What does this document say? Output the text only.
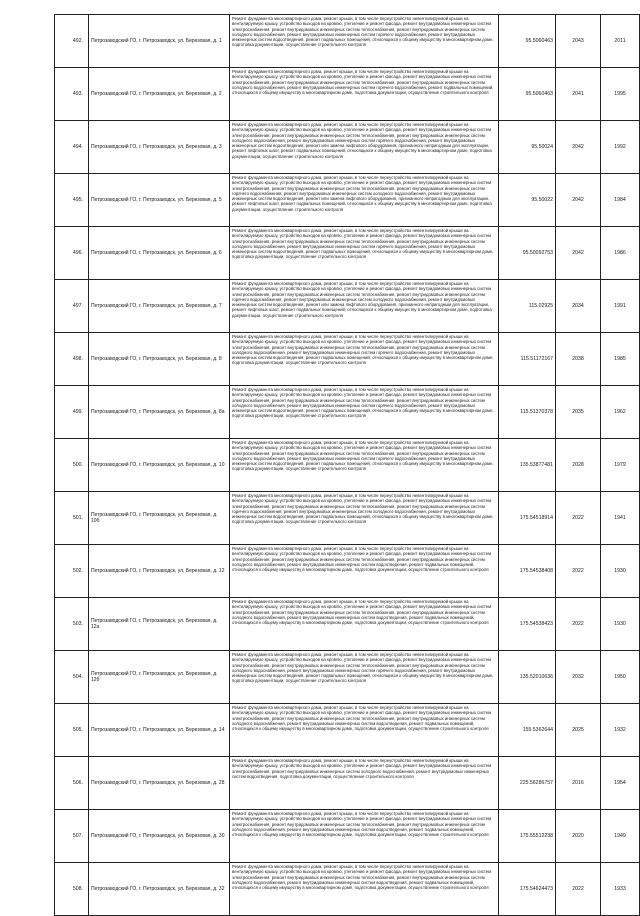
492.	Петрозаводский ГО, г. Петрозаводск, ул. Березовая, д. 1	Ремонт фундамента многоквартирного дома, ремонт крыши, в том числе переустройство невентилируемой крыши на вентилируемую крышу, устройство выходов на кровлю, утепление и ремонт фасада, ремонт внутридомовых инженерных систем электроснабжения, ремонт внутридомовых инженерных систем теплоснабжения, ремонт внутридомовых инженерных систем холодного водоснабжения, ремонт внутридомовых инженерных систем горячего водоснабжения, ремонт внутридомовых инженерных систем водоотведения, ремонт подвальных помещений, относящихся к общему имуществу в многоквартирном доме, подготовка документации, осуществление строительного контроля	95.5060463	2043	2011
493.	Петрозаводский ГО, г. Петрозаводск, ул. Березовая, д. 2	Ремонт фундамента многоквартирного дома, ремонт крыши, в том числе переустройство невентилируемой крыши на вентилируемую крышу, устройство выходов на кровлю, утепление и ремонт фасада, ремонт внутридомовых инженерных систем электроснабжения, ремонт внутридомовых инженерных систем теплоснабжения, ремонт внутридомовых инженерных систем холодного водоснабжения, ремонт внутридомовых инженерных систем горячего водоснабжения, ремонт подвальных помещений, относящихся к общему имуществу в многоквартирном доме, подготовка документации, осуществление строительного контроля	95.5060463	2041	1995
494.	Петрозаводский ГО, г. Петрозаводск, ул. Березовая, д. 3	Ремонт фундамента многоквартирного дома, ремонт крыши, в том числе переустройство невентилируемой крыши на вентилируемую крышу, устройство выходов на кровлю, утепление и ремонт фасада, ремонт внутридомовых инженерных систем электроснабжения, ремонт внутридомовых инженерных систем теплоснабжения, ремонт внутридомовых инженерных систем холодного водоснабжения, ремонт внутридомовых инженерных систем горячего водоснабжения, ремонт внутридомовых инженерных систем водоотведения, ремонт или замена лифтового оборудования, признанного непригодным для эксплуатации, ремонт лифтовых шахт, ремонт подвальных помещений, относящихся к общему имуществу в многоквартирном доме, подготовка документации, осуществление строительного контроля	95.50024	2042	1992
495.	Петрозаводский ГО, г. Петрозаводск, ул. Березовая, д. 5	Ремонт фундамента многоквартирного дома, ремонт крыши, в том числе переустройство невентилируемой крыши на вентилируемую крышу, устройство выходов на кровлю, утепление и ремонт фасада, ремонт внутридомовых инженерных систем электроснабжения, ремонт внутридомовых инженерных систем теплоснабжения, ремонт внутридомовых инженерных систем горячего водоснабжения, ремонт внутридомовых инженерных систем холодного водоснабжения, ремонт внутридомовых инженерных систем водоотведения, ремонт или замена лифтового оборудования, признанного непригодным для эксплуатации, ремонт лифтовых шахт, ремонт подвальных помещений, относящихся к общему имуществу в многоквартирном доме, подготовка документации, осуществление строительного контроля	95.50022	2042	1984
496.	Петрозаводский ГО, г. Петрозаводск, ул. Березовая, д. 6	Ремонт фундамента многоквартирного дома, ремонт крыши, в том числе переустройство невентилируемой крыши на вентилируемую крышу, устройство выходов на кровлю, утепление и ремонт фасада, ремонт внутридомовых инженерных систем электроснабжения, ремонт внутридомовых инженерных систем теплоснабжения, ремонт внутридомовых инженерных систем холодного водоснабжения, ремонт внутридомовых инженерных систем горячего водоснабжения, ремонт внутридомовых инженерных систем водоотведения, ремонт подвальных помещений, относящихся к общему имуществу в многоквартирном доме, подготовка документации, осуществление строительного контроля	95.50092753	2042	1986
497.	Петрозаводский ГО, г. Петрозаводск, ул. Березовая, д. 7	Ремонт фундамента многоквартирного дома, ремонт крыши, в том числе переустройство невентилируемой крыши на вентилируемую крышу, устройство выходов на кровлю, утепление и ремонт фасада, ремонт внутридомовых инженерных систем электроснабжения, ремонт внутридомовых инженерных систем теплоснабжения, ремонт внутридомовых инженерных систем горячего водоснабжения, ремонт внутридомовых инженерных систем холодного водоснабжения, ремонт внутридомовых инженерных систем водоотведения, ремонт или замена лифтового оборудования, признанного непригодным для эксплуатации, ремонт лифтовых шахт, ремонт подвальных помещений, относящихся к общему имуществу в многоквартирном доме, подготовка документации, осуществление строительного контроля	115.02925	2034	1991
498.	Петрозаводский ГО, г. Петрозаводск, ул. Березовая, д. 8	Ремонт фундамента многоквартирного дома, ремонт крыши, в том числе переустройство невентилируемой крыши на вентилируемую крышу, устройство выходов на кровлю, утепление и ремонт фасада, ремонт внутридомовых инженерных систем электроснабжения, ремонт внутридомовых инженерных систем теплоснабжения, ремонт внутридомовых инженерных систем холодного водоснабжения, ремонт внутридомовых инженерных систем горячего водоснабжения, ремонт внутридомовых инженерных систем водоотведения, ремонт подвальных помещений, относящихся к общему имуществу в многоквартирном доме, подготовка документации, осуществление строительного контроля	115.51172167	2038	1985
499.	Петрозаводский ГО, г. Петрозаводск, ул. Березовая, д. 8а	Ремонт фундамента многоквартирного дома, ремонт крыши, в том числе переустройство невентилируемой крыши на вентилируемую крышу, устройство выходов на кровлю, утепление и ремонт фасада, ремонт внутридомовых инженерных систем электроснабжения, ремонт внутридомовых инженерных систем теплоснабжения, ремонт внутридомовых инженерных систем холодного водоснабжения, ремонт внутридомовых инженерных систем горячего водоснабжения, ремонт внутридомовых инженерных систем водоотведения, ремонт подвальных помещений, относящихся к общему имуществу в многоквартирном доме, подготовка документации, осуществление строительного контроля	115.51370378	2035	1962
500.	Петрозаводский ГО, г. Петрозаводск, ул. Березовая, д. 10	Ремонт фундамента многоквартирного дома, ремонт крыши, в том числе переустройство невентилируемой крыши на вентилируемую крышу, устройство выходов на кровлю, утепление и ремонт фасада, ремонт внутридомовых инженерных систем электроснабжения, ремонт внутридомовых инженерных систем теплоснабжения, ремонт внутридомовых инженерных систем холодного водоснабжения, ремонт внутридомовых инженерных систем горячего водоснабжения, ремонт внутридомовых инженерных систем водоотведения, ремонт подвальных помещений, относящихся к общему имуществу в многоквартирном доме, подготовка документации, осуществление строительного контроля	135.53877481	2028	1979
501.	Петрозаводский ГО, г. Петрозаводск, ул. Березовая, д. 10б	Ремонт фундамента многоквартирного дома, ремонт крыши, в том числе переустройство невентилируемой крыши на вентилируемую крышу, устройство выходов на кровлю, утепление и ремонт фасада, ремонт внутридомовых инженерных систем электроснабжения, ремонт внутридомовых инженерных систем теплоснабжения, ремонт внутридомовых инженерных систем горячего водоснабжения, ремонт внутридомовых инженерных систем холодного водоснабжения, ремонт внутридомовых инженерных систем водоотведения, ремонт подвальных помещений, относящихся к общему имуществу в многоквартирном доме, подготовка документации, осуществление строительного контроля	175.54518914	2022	1941
502.	Петрозаводский ГО, г. Петрозаводск, ул. Березовая, д. 12	Ремонт фундамента многоквартирного дома, ремонт крыши, в том числе переустройство невентилируемой крыши на вентилируемую крышу, устройство выходов на кровлю, утепление и ремонт фасада, ремонт внутридомовых инженерных систем электроснабжения, ремонт внутридомовых инженерных систем теплоснабжения, ремонт внутридомовых инженерных систем холодного водоснабжения, ремонт внутридомовых инженерных систем водоотведения, ремонт подвальных помещений, относящихся к общему имуществу в многоквартирном доме, подготовка документации, осуществление строительного контроля	175.54538408	2022	1930
503.	Петрозаводский ГО, г. Петрозаводск, ул. Березовая, д. 12а	Ремонт фундамента многоквартирного дома, ремонт крыши, в том числе переустройство невентилируемой крыши на вентилируемую крышу, устройство выходов на кровлю, утепление и ремонт фасада, ремонт внутридомовых инженерных систем электроснабжения, ремонт внутридомовых инженерных систем теплоснабжения, ремонт внутридомовых инженерных систем холодного водоснабжения, ремонт внутридомовых инженерных систем водоотведения, ремонт подвальных помещений, относящихся к общему имуществу в многоквартирном доме, подготовка документации, осуществление строительного контроля	175.54538423	2022	1930
504.	Петрозаводский ГО, г. Петрозаводск, ул. Березовая, д. 12б	Ремонт фундамента многоквартирного дома, ремонт крыши, в том числе переустройство невентилируемой крыши на вентилируемую крышу, устройство выходов на кровлю, утепление и ремонт фасада, ремонт внутридомовых инженерных систем электроснабжения, ремонт внутридомовых инженерных систем теплоснабжения, ремонт внутридомовых инженерных систем холодного водоснабжения, ремонт внутридомовых инженерных систем горячего водоснабжения, ремонт внутридомовых инженерных систем водоотведения, ремонт подвальных помещений, относящихся к общему имуществу в многоквартирном доме, подготовка документации, осуществление строительного контроля	135.52010636	2032	1950
505.	Петрозаводский ГО, г. Петрозаводск, ул. Березовая, д. 14	Ремонт фундамента многоквартирного дома, ремонт крыши, в том числе переустройство невентилируемой крыши на вентилируемую крышу, устройство выходов на кровлю, утепление и ремонт фасада, ремонт внутридомовых инженерных систем электроснабжения, ремонт внутридомовых инженерных систем теплоснабжения, ремонт внутридомовых инженерных систем холодного водоснабжения, ремонт внутридомовых инженерных систем водоотведения, ремонт подвальных помещений, относящихся к общему имуществу в многоквартирном доме, подготовка документации, осуществление строительного контроля	155.5362644	2025	1932
506.	Петрозаводский ГО, г. Петрозаводск, ул. Березовая, д. 28	Ремонт фундамента многоквартирного дома, ремонт крыши, в том числе переустройство невентилируемой крыши на вентилируемую крышу, устройство выходов на кровлю, утепление и ремонт фасада, ремонт внутридомовых инженерных систем электроснабжения, ремонт внутридомовых инженерных систем холодного водоснабжения, ремонт внутридомовых инженерных систем водоотведения, подготовка документации, осуществление строительного контроля	225.56286757	2016	1954
507.	Петрозаводский ГО, г. Петрозаводск, ул. Березовая, д. 30	Ремонт фундамента многоквартирного дома, ремонт крыши, в том числе переустройство невентилируемой крыши на вентилируемую крышу, устройство выходов на кровлю, утепление и ремонт фасада, ремонт внутридомовых инженерных систем электроснабжения, ремонт внутридомовых инженерных систем теплоснабжения, ремонт внутридомовых инженерных систем холодного водоснабжения, ремонт внутридомовых инженерных систем водоотведения, ремонт подвальных помещений, относящихся к общему имуществу в многоквартирном доме, подготовка документации, осуществление строительного контроля	175.55512238	2020	1949
508.	Петрозаводский ГО, г. Петрозаводск, ул. Березовая, д. 32	Ремонт фундамента многоквартирного дома, ремонт крыши, в том числе переустройство невентилируемой крыши на вентилируемую крышу, устройство выходов на кровлю, утепление и ремонт фасада, ремонт внутридомовых инженерных систем электроснабжения, ремонт внутридомовых инженерных систем теплоснабжения, ремонт внутридомовых инженерных систем холодного водоснабжения, ремонт внутридомовых инженерных систем водоотведения, ремонт подвальных помещений, относящихся к общему имуществу в многоквартирном доме, подготовка документации, осуществление строительного контроля	175.54624473	2022	1933
